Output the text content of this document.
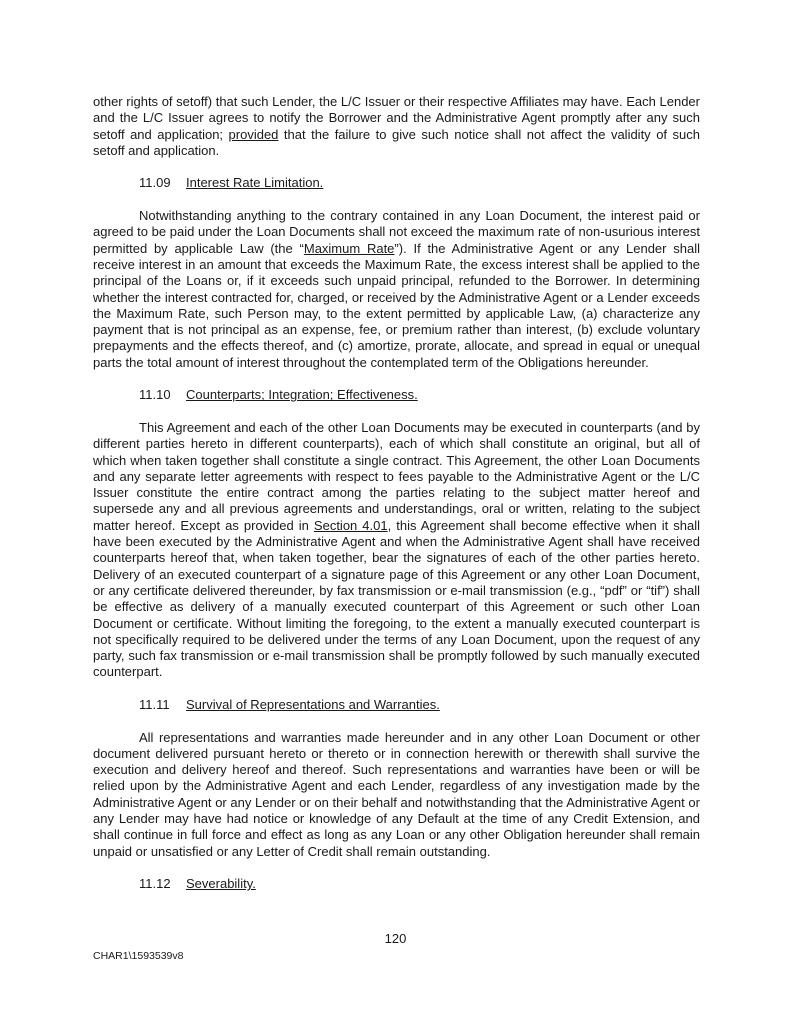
other rights of setoff) that such Lender, the L/C Issuer or their respective Affiliates may have. Each Lender and the L/C Issuer agrees to notify the Borrower and the Administrative Agent promptly after any such setoff and application; provided that the failure to give such notice shall not affect the validity of such setoff and application.

11.09 Interest Rate Limitation.

Notwithstanding anything to the contrary contained in any Loan Document, the interest paid or agreed to be paid under the Loan Documents shall not exceed the maximum rate of non-usurious interest permitted by applicable Law (the “Maximum Rate”). If the Administrative Agent or any Lender shall receive interest in an amount that exceeds the Maximum Rate, the excess interest shall be applied to the principal of the Loans or, if it exceeds such unpaid principal, refunded to the Borrower. In determining whether the interest contracted for, charged, or received by the Administrative Agent or a Lender exceeds the Maximum Rate, such Person may, to the extent permitted by applicable Law, (a) characterize any payment that is not principal as an expense, fee, or premium rather than interest, (b) exclude voluntary prepayments and the effects thereof, and (c) amortize, prorate, allocate, and spread in equal or unequal parts the total amount of interest throughout the contemplated term of the Obligations hereunder.

11.10 Counterparts; Integration; Effectiveness.

This Agreement and each of the other Loan Documents may be executed in counterparts (and by different parties hereto in different counterparts), each of which shall constitute an original, but all of which when taken together shall constitute a single contract. This Agreement, the other Loan Documents and any separate letter agreements with respect to fees payable to the Administrative Agent or the L/C Issuer constitute the entire contract among the parties relating to the subject matter hereof and supersede any and all previous agreements and understandings, oral or written, relating to the subject matter hereof. Except as provided in Section 4.01, this Agreement shall become effective when it shall have been executed by the Administrative Agent and when the Administrative Agent shall have received counterparts hereof that, when taken together, bear the signatures of each of the other parties hereto. Delivery of an executed counterpart of a signature page of this Agreement or any other Loan Document, or any certificate delivered thereunder, by fax transmission or e-mail transmission (e.g., “pdf” or “tif”) shall be effective as delivery of a manually executed counterpart of this Agreement or such other Loan Document or certificate. Without limiting the foregoing, to the extent a manually executed counterpart is not specifically required to be delivered under the terms of any Loan Document, upon the request of any party, such fax transmission or e-mail transmission shall be promptly followed by such manually executed counterpart.

11.11 Survival of Representations and Warranties.

All representations and warranties made hereunder and in any other Loan Document or other document delivered pursuant hereto or thereto or in connection herewith or therewith shall survive the execution and delivery hereof and thereof. Such representations and warranties have been or will be relied upon by the Administrative Agent and each Lender, regardless of any investigation made by the Administrative Agent or any Lender or on their behalf and notwithstanding that the Administrative Agent or any Lender may have had notice or knowledge of any Default at the time of any Credit Extension, and shall continue in full force and effect as long as any Loan or any other Obligation hereunder shall remain unpaid or unsatisfied or any Letter of Credit shall remain outstanding.

11.12 Severability.

120
CHAR1\1593539v8
